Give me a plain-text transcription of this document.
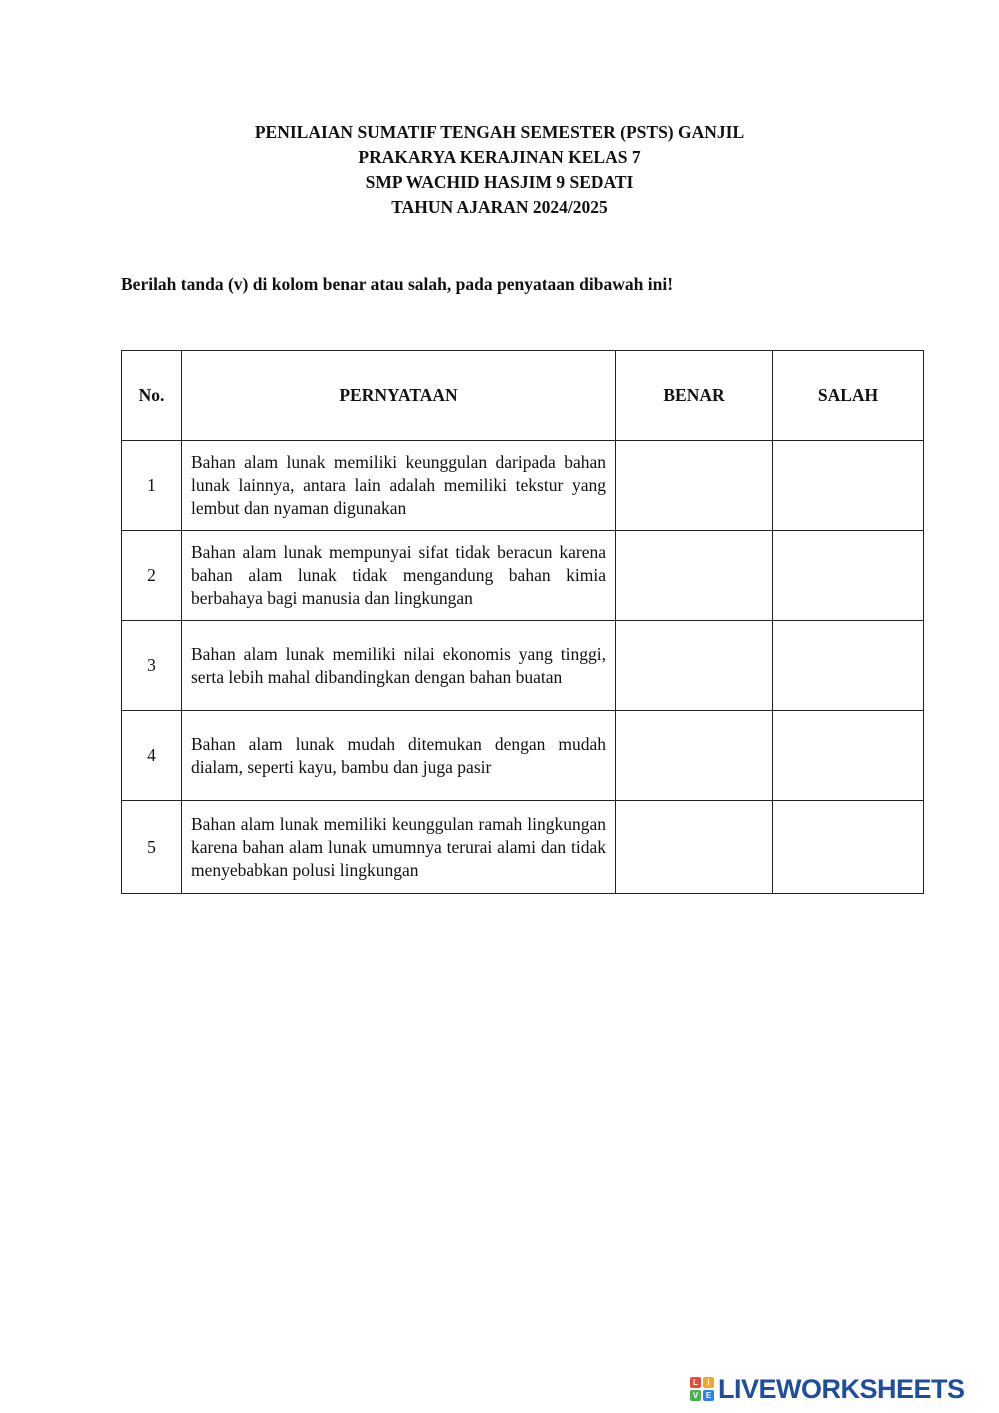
PENILAIAN SUMATIF TENGAH SEMESTER (PSTS) GANJIL
PRAKARYA KERAJINAN KELAS 7
SMP WACHID HASJIM 9 SEDATI
TAHUN AJARAN 2024/2025
Berilah tanda (v) di kolom benar atau salah, pada penyataan dibawah ini!
No.	PERNYATAAN	BENAR	SALAH
1	Bahan alam lunak memiliki keunggulan daripada bahan lunak lainnya, antara lain adalah memiliki tekstur yang lembut dan nyaman digunakan		
2	Bahan alam lunak mempunyai sifat tidak beracun karena bahan alam lunak tidak mengandung bahan kimia berbahaya bagi manusia dan lingkungan		
3	Bahan alam lunak memiliki nilai ekonomis yang tinggi, serta lebih mahal dibandingkan dengan bahan buatan		
4	Bahan alam lunak mudah ditemukan dengan mudah dialam, seperti kayu, bambu dan juga pasir		
5	Bahan alam lunak memiliki keunggulan ramah lingkungan karena bahan alam lunak umumnya terurai alami dan tidak menyebabkan polusi lingkungan		
L	I
V E LIVEWORKSHEETS
